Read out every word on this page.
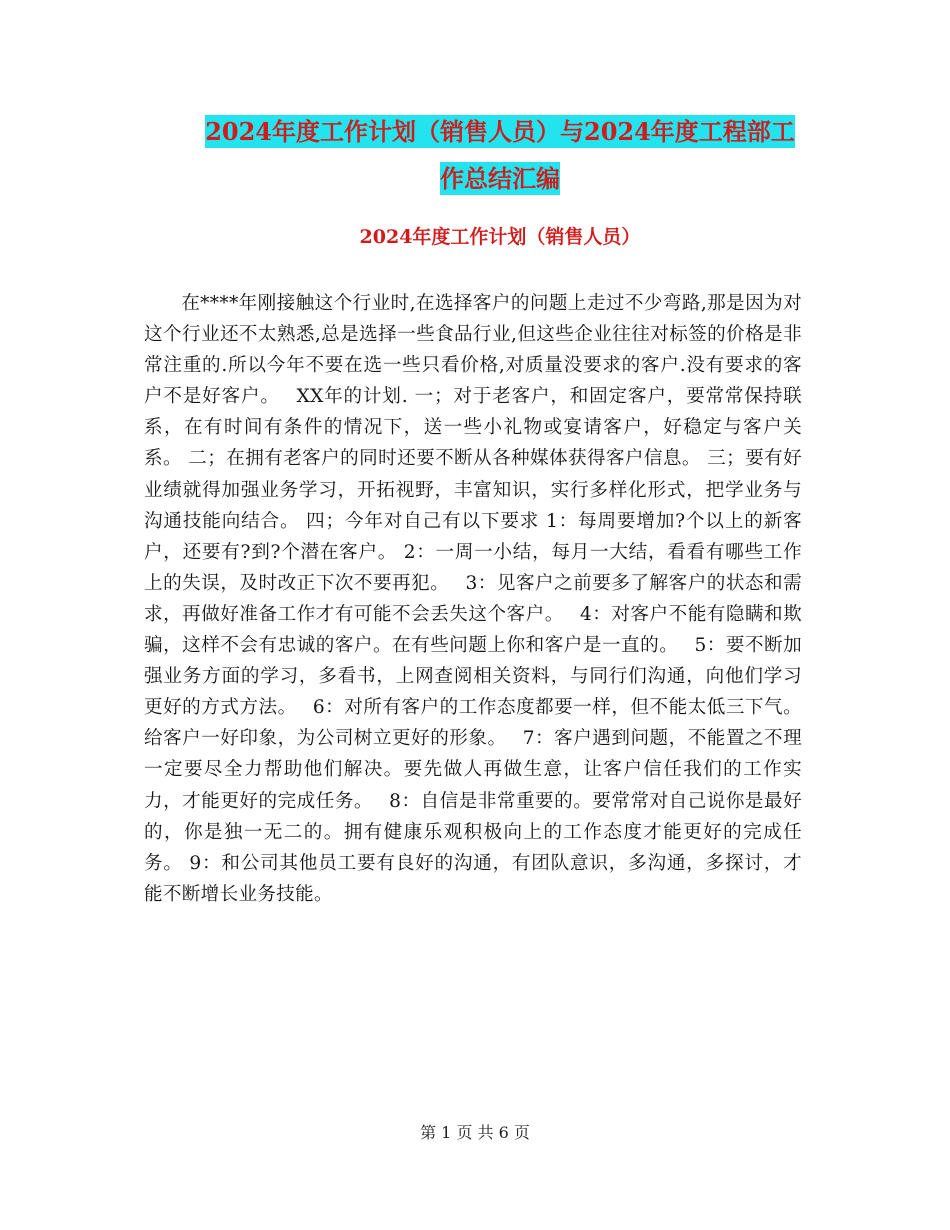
2024年度工作计划（销售人员）与2024年度工程部工
作总结汇编
2024年度工作计划（销售人员）

在****年刚接触这个行业时,在选择客户的问题上走过不少弯路,那是因为对这个行业还不太熟悉,总是选择一些食品行业,但这些企业往往对标签的价格是非常注重的.所以今年不要在选一些只看价格,对质量没要求的客户.没有要求的客户不是好客户。　 XX年的计划. 一；对于老客户，和固定客户，要常常保持联系，在有时间有条件的情况下，送一些小礼物或宴请客户，好稳定与客户关系。 二；在拥有老客户的同时还要不断从各种媒体获得客户信息。 三；要有好业绩就得加强业务学习，开拓视野，丰富知识，实行多样化形式，把学业务与沟通技能向结合。 四；今年对自己有以下要求 1：每周要增加?个以上的新客户，还要有?到?个潜在客户。 2：一周一小结，每月一大结，看看有哪些工作上的失误，及时改正下次不要再犯。　 3：见客户之前要多了解客户的状态和需求，再做好准备工作才有可能不会丢失这个客户。　 4：对客户不能有隐瞒和欺骗，这样不会有忠诚的客户。在有些问题上你和客户是一直的。　 5：要不断加强业务方面的学习，多看书，上网查阅相关资料，与同行们沟通，向他们学习更好的方式方法。　 6：对所有客户的工作态度都要一样，但不能太低三下气。给客户一好印象，为公司树立更好的形象。　 7：客户遇到问题，不能置之不理一定要尽全力帮助他们解决。要先做人再做生意，让客户信任我们的工作实力，才能更好的完成任务。　 8：自信是非常重要的。要常常对自己说你是最好的，你是独一无二的。拥有健康乐观积极向上的工作态度才能更好的完成任务。 9：和公司其他员工要有良好的沟通，有团队意识，多沟通，多探讨，才能不断增长业务技能。

第 1 页 共 6 页
